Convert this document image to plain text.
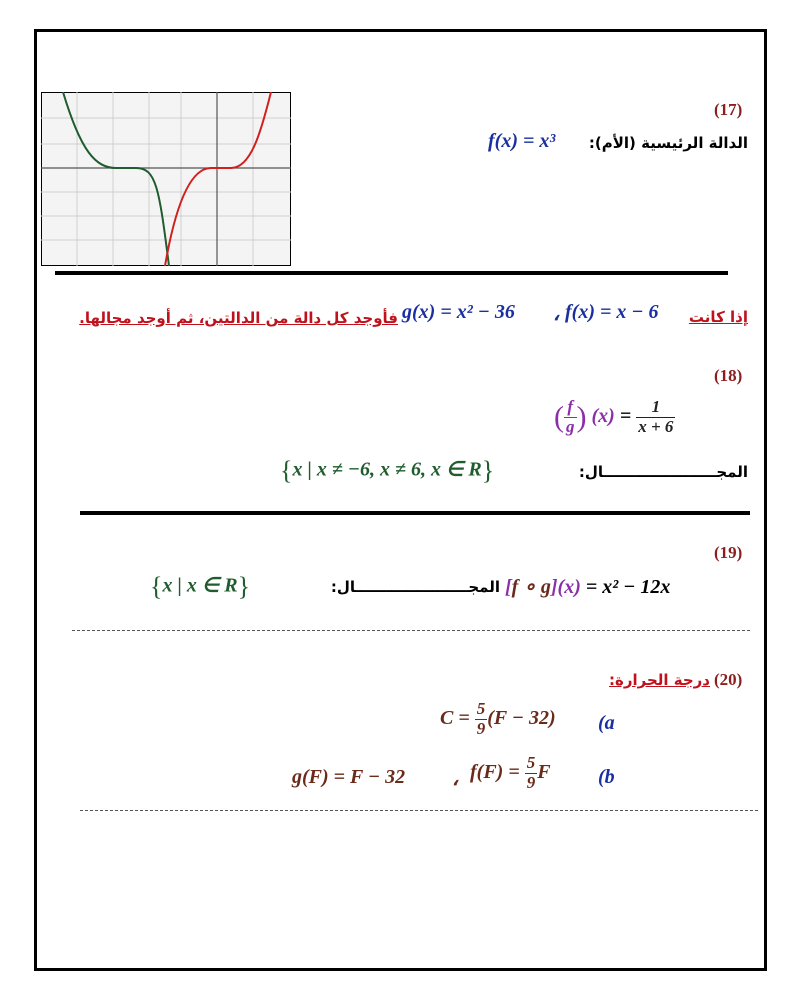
(17)
الدالة الرئيسية (الأم):
f(x) = x³
إذا كانت
f(x) = x − 6
،
g(x) = x² − 36
فأوجد كل دالة من الدالتين، ثم أوجد مجالها.
(18)
( $\frac{f}{g}$ ) $(x) = \frac{1}{x + 6}$
المجــــــــــــــــــــــال:
{x | x ≠ −6, x ≠ 6, x ∈ R}
(19)
[f ∘ g](x) = x² − 12x
المجــــــــــــــــــــــال:
{x | x ∈ R}
(20)
درجة الحرارة:
$C = \frac{5}{9} (F - 32)$ (a
g(F) = F − 32 ، $f(F) = \frac{5}{9}$ F (b
